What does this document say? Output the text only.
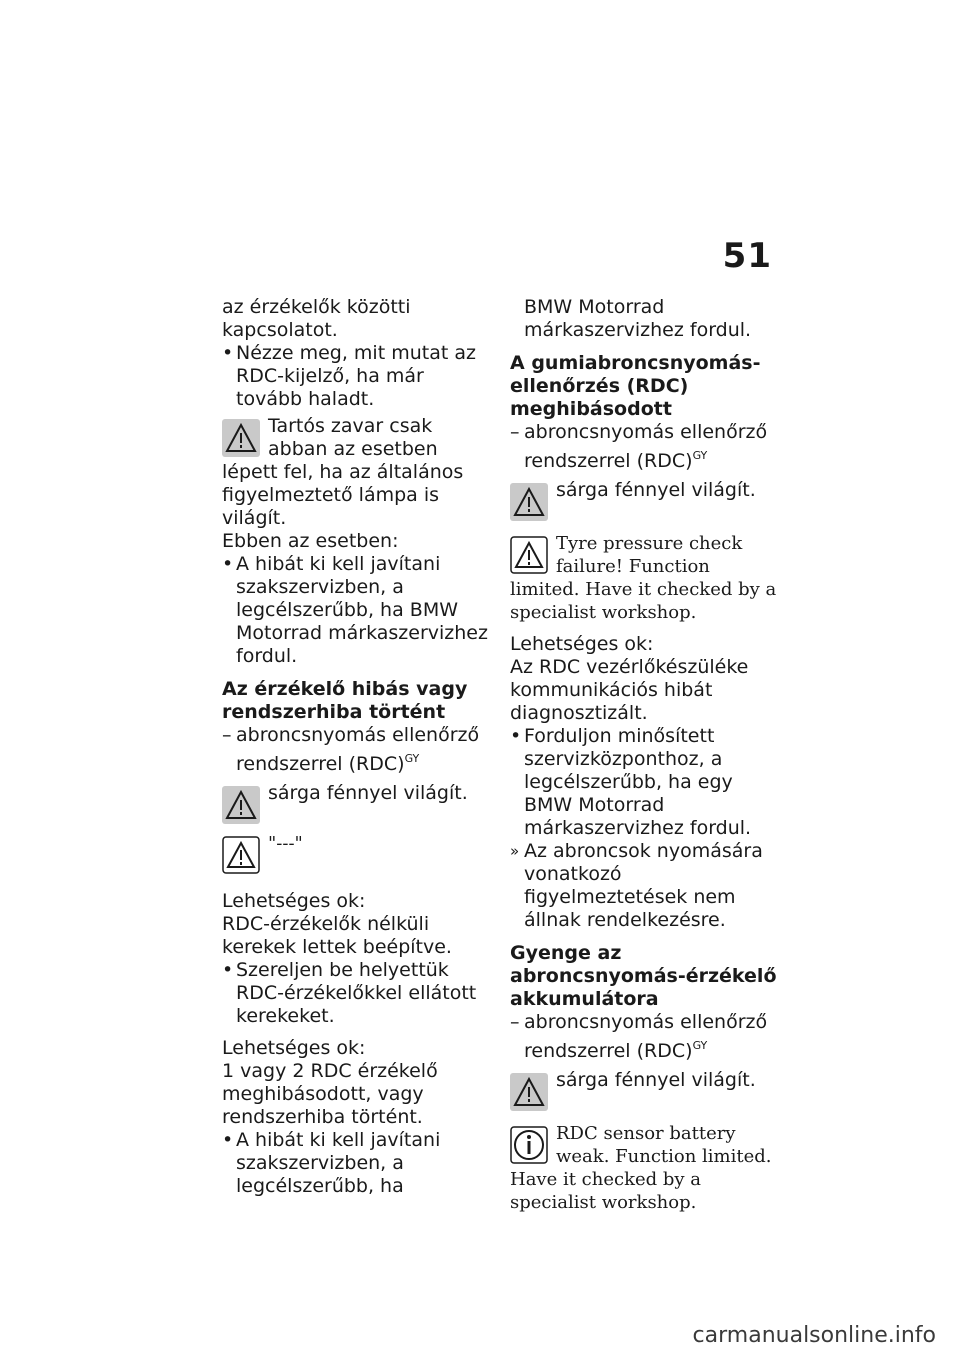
51

az érzékelők közötti kapcsolatot.

• Nézze meg, mit mutat az RDC-kijelző, ha már tovább haladt.
Tartós zavar csak abban az esetben lépett fel, ha az általános figyelmeztető lámpa is világít.

Ebben az esetben:

• A hibát ki kell javítani szakszervizben, a legcélszerűbb, ha BMW Motorrad márkaszervizhez fordul.

Az érzékelő hibás vagy rendszerhiba történt

– abroncsnyomás ellenőrző rendszerrel (RDC)$^{GY}$
sárga fénnyel világít.
"---"

Lehetséges ok:

RDC-érzékelők nélküli kerekek lettek beépítve.

• Szereljen be helyettük RDC-érzékelőkkel ellátott kerekeket.

Lehetséges ok:

1 vagy 2 RDC érzékelő meghibásodott, vagy rendszerhiba történt.

• A hibát ki kell javítani szakszervizben, a legcélszerűbb, ha

BMW Motorrad márkaszervizhez fordul.

A gumiabroncsnyomás-ellenőrzés (RDC) meghibásodott

– abroncsnyomás ellenőrző rendszerrel (RDC)$^{GY}$
sárga fénnyel világít.
Tyre pressure check failure! Function limited. Have it checked by a specialist workshop.

Lehetséges ok:

Az RDC vezérlőkészüléke kommunikációs hibát diagnosztizált.

• Forduljon minősített szervizközponthoz, a legcélszerűbb, ha egy BMW Motorrad márkaszervizhez fordul.
» Az abroncsok nyomására vonatkozó figyelmeztetések nem állnak rendelkezésre.

Gyenge az abroncsnyomás-érzékelő akkumulátora

– abroncsnyomás ellenőrző rendszerrel (RDC)$^{GY}$
sárga fénnyel világít.
RDC sensor battery weak. Function limited. Have it checked by a specialist workshop.
carmanualsonline.info
